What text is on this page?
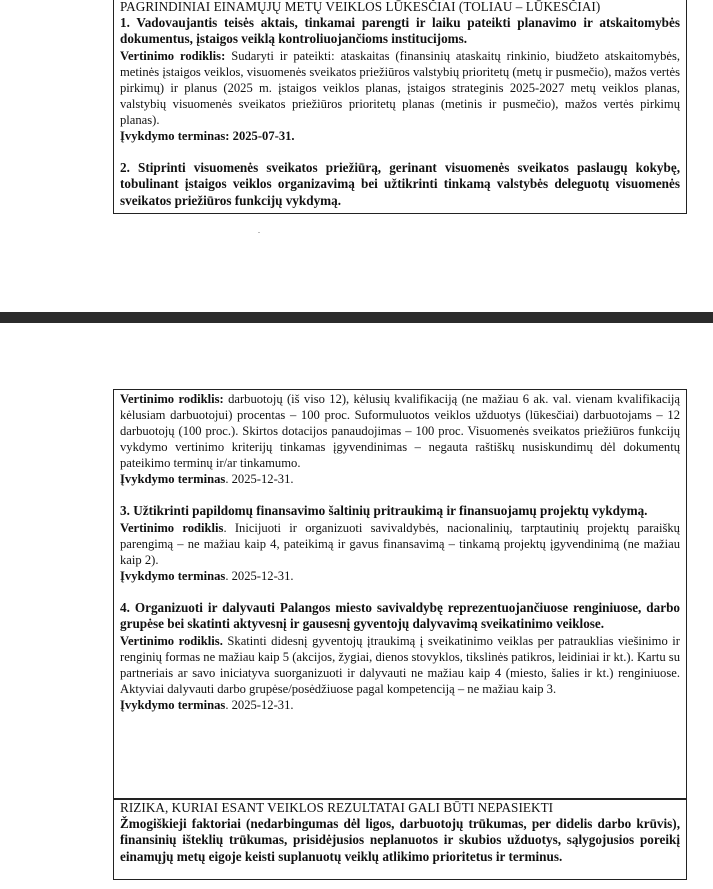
PAGRINDINIAI EINAMŲJŲ METŲ VEIKLOS LŪKESČIAI (TOLIAU – LŪKESČIAI)

1. Vadovaujantis teisės aktais, tinkamai parengti ir laiku pateikti planavimo ir atskaitomybės dokumentus, įstaigos veiklą kontroliuojančioms institucijoms.

Vertinimo rodiklis: Sudaryti ir pateikti: ataskaitas (finansinių ataskaitų rinkinio, biudžeto atskaitomybės, metinės įstaigos veiklos, visuomenės sveikatos priežiūros valstybių prioritetų (metų ir pusmečio), mažos vertės pirkimų) ir planus (2025 m. įstaigos veiklos planas, įstaigos strateginis 2025-2027 metų veiklos planas, valstybių visuomenės sveikatos priežiūros prioritetų planas (metinis ir pusmečio), mažos vertės pirkimų planas).

Įvykdymo terminas: 2025-07-31.

2. Stiprinti visuomenės sveikatos priežiūrą, gerinant visuomenės sveikatos paslaugų kokybę, tobulinant įstaigos veiklos organizavimą bei užtikrinti tinkamą valstybės deleguotų visuomenės sveikatos priežiūros funkcijų vykdymą.

Vertinimo rodiklis: darbuotojų (iš viso 12), kėlusių kvalifikaciją (ne mažiau 6 ak. val. vienam kvalifikaciją kėlusiam darbuotojui) procentas – 100 proc. Suformuluotos veiklos užduotys (lūkesčiai) darbuotojams – 12 darbuotojų (100 proc.). Skirtos dotacijos panaudojimas – 100 proc. Visuomenės sveikatos priežiūros funkcijų vykdymo vertinimo kriterijų tinkamas įgyvendinimas – negauta raštiškų nusiskundimų dėl dokumentų pateikimo terminų ir/ar tinkamumo.

Įvykdymo terminas. 2025-12-31.

3. Užtikrinti papildomų finansavimo šaltinių pritraukimą ir finansuojamų projektų vykdymą.

Vertinimo rodiklis. Inicijuoti ir organizuoti savivaldybės, nacionalinių, tarptautinių projektų paraiškų parengimą – ne mažiau kaip 4, pateikimą ir gavus finansavimą – tinkamą projektų įgyvendinimą (ne mažiau kaip 2).

Įvykdymo terminas. 2025-12-31.

4. Organizuoti ir dalyvauti Palangos miesto savivaldybę reprezentuojančiuose renginiuose, darbo grupėse bei skatinti aktyvesnį ir gausesnį gyventojų dalyvavimą sveikatinimo veiklose.

Vertinimo rodiklis. Skatinti didesnį gyventojų įtraukimą į sveikatinimo veiklas per patrauklias viešinimo ir renginių formas ne mažiau kaip 5 (akcijos, žygiai, dienos stovyklos, tikslinės patikros, leidiniai ir kt.). Kartu su partneriais ar savo iniciatyva suorganizuoti ir dalyvauti ne mažiau kaip 4 (miesto, šalies ir kt.) renginiuose. Aktyviai dalyvauti darbo grupėse/posėdžiuose pagal kompetenciją – ne mažiau kaip 3.

Įvykdymo terminas. 2025-12-31.

RIZIKA, KURIAI ESANT VEIKLOS REZULTATAI GALI BŪTI NEPASIEKTI

Žmogiškieji faktoriai (nedarbingumas dėl ligos, darbuotojų trūkumas, per didelis darbo krūvis), finansinių išteklių trūkumas, prisidėjusios neplanuotos ir skubios užduotys, sąlygojusios poreikį einamųjų metų eigoje keisti suplanuotų veiklų atlikimo prioritetus ir terminus.
